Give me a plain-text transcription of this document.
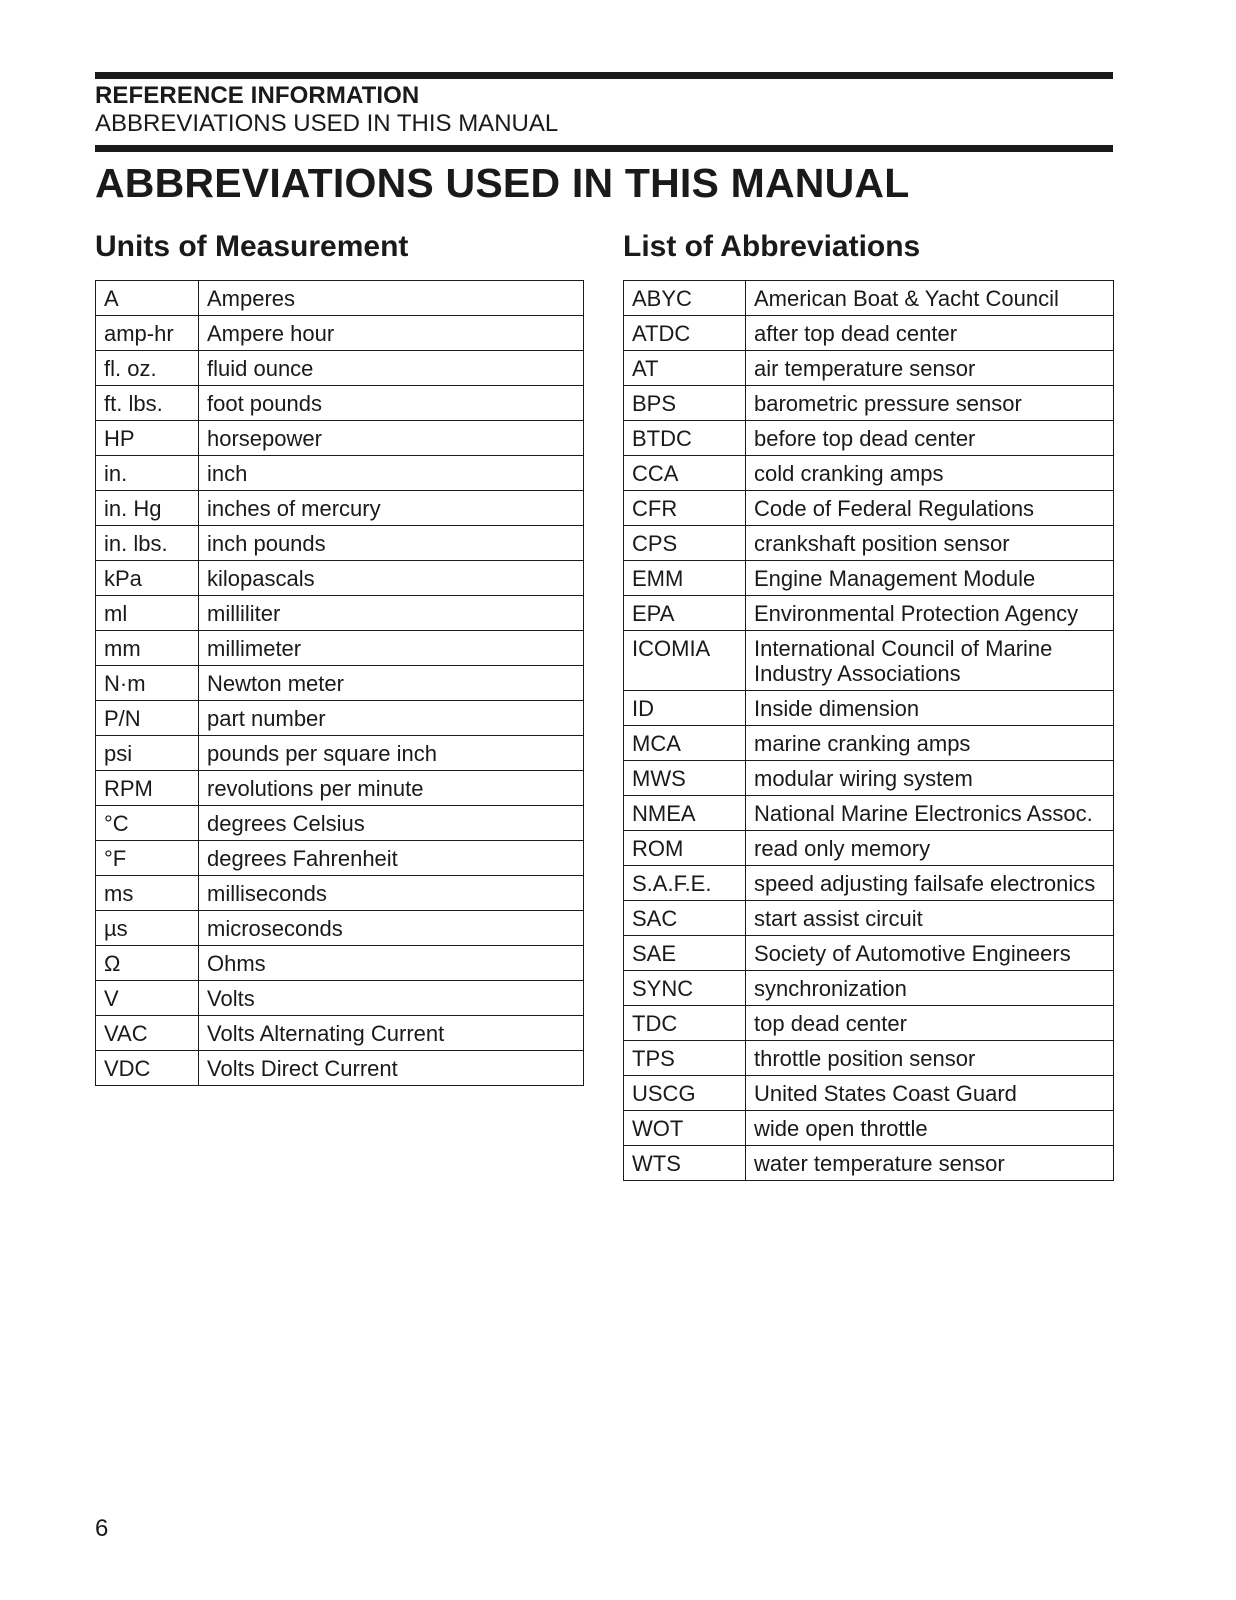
REFERENCE INFORMATION
ABBREVIATIONS USED IN THIS MANUAL
ABBREVIATIONS USED IN THIS MANUAL
Units of Measurement	List of Abbreviations
A	Amperes
amp-hr	Ampere hour
fl. oz.	fluid ounce
ft. lbs.	foot pounds
HP	horsepower
in.	inch
in. Hg	inches of mercury
in. lbs.	inch pounds
kPa	kilopascals
ml	milliliter
mm	millimeter
N·m	Newton meter
P/N	part number
psi	pounds per square inch
RPM	revolutions per minute
°C	degrees Celsius
°F	degrees Fahrenheit
ms	milliseconds
µs	microseconds
Ω	Ohms
V	Volts
VAC	Volts Alternating Current
VDC	Volts Direct Current
ABYC	American Boat & Yacht Council
ATDC	after top dead center
AT	air temperature sensor
BPS	barometric pressure sensor
BTDC	before top dead center
CCA	cold cranking amps
CFR	Code of Federal Regulations
CPS	crankshaft position sensor
EMM	Engine Management Module
EPA	Environmental Protection Agency
ICOMIA	International Council of Marine Industry Associations
ID	Inside dimension
MCA	marine cranking amps
MWS	modular wiring system
NMEA	National Marine Electronics Assoc.
ROM	read only memory
S.A.F.E.	speed adjusting failsafe electronics
SAC	start assist circuit
SAE	Society of Automotive Engineers
SYNC	synchronization
TDC	top dead center
TPS	throttle position sensor
USCG	United States Coast Guard
WOT	wide open throttle
WTS	water temperature sensor
6
